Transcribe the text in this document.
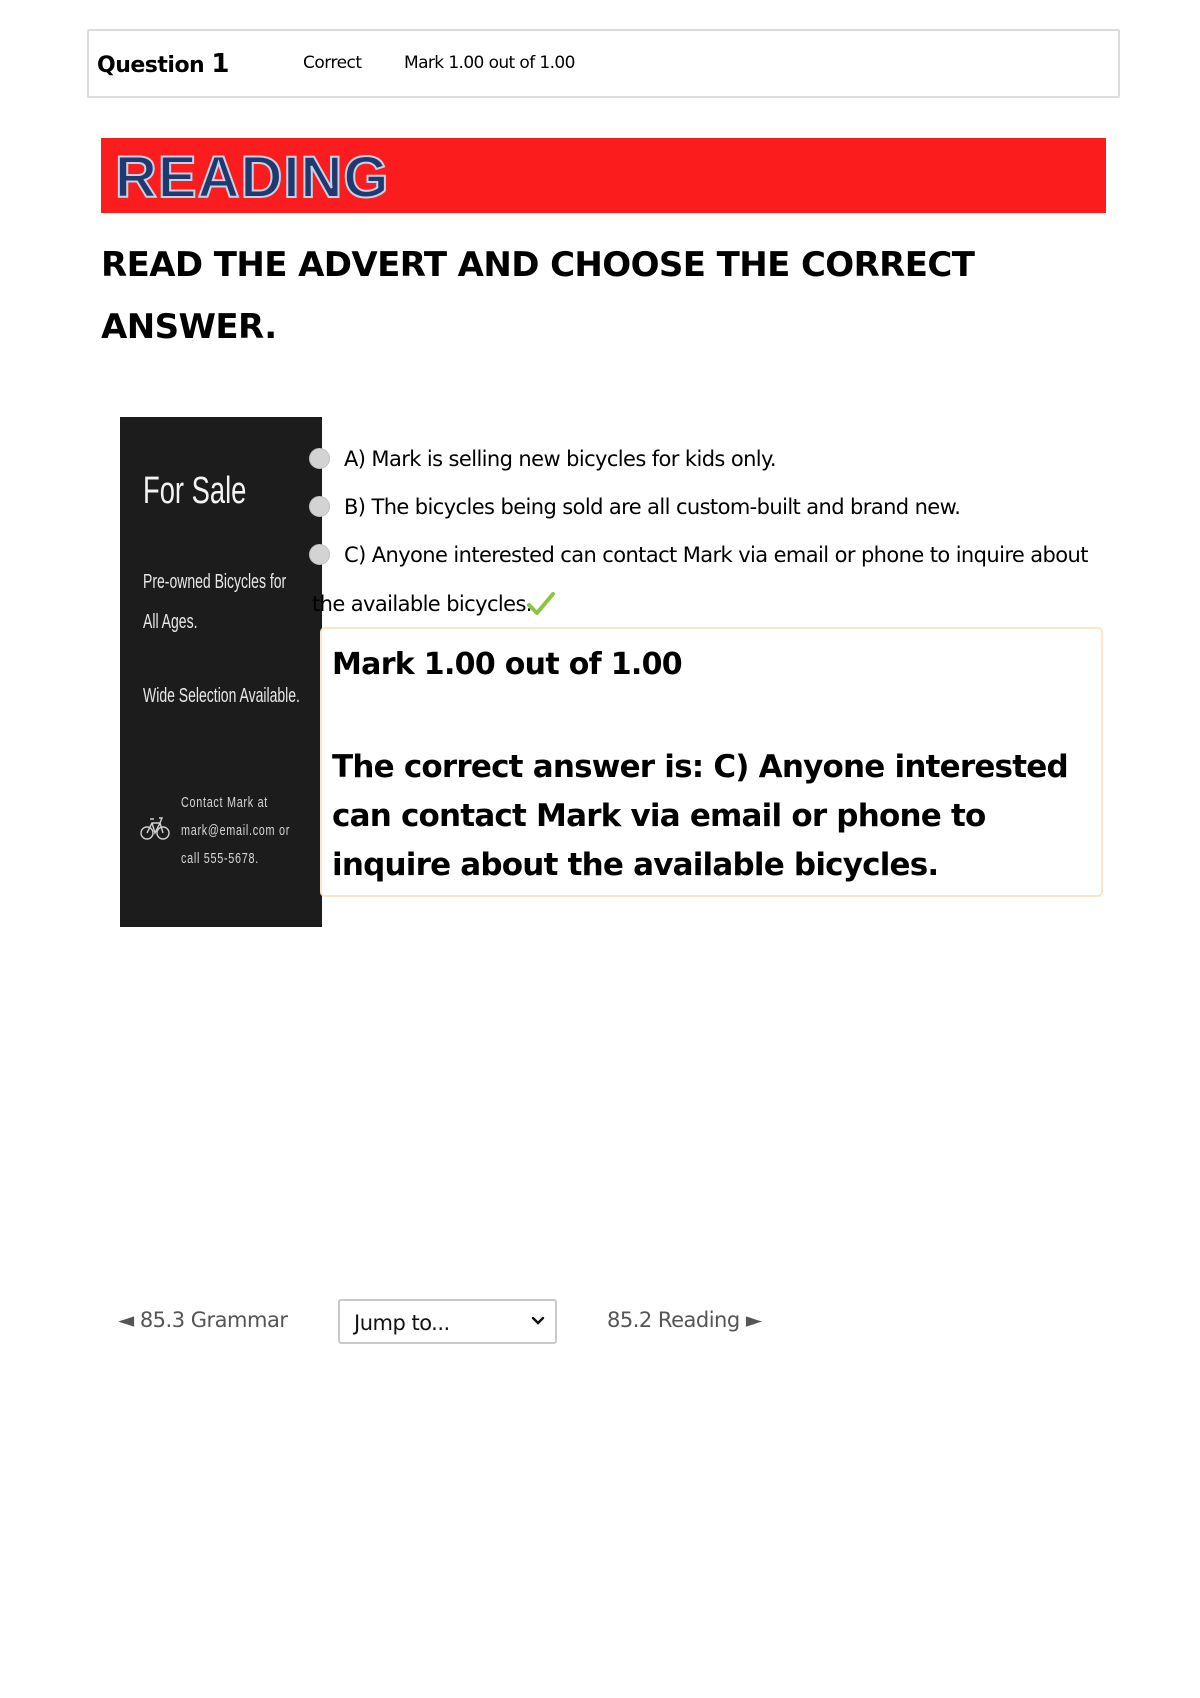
Question 1	Correct Mark 1.00 out of 1.00
READING
READ THE ADVERT AND CHOOSE THE CORRECT ANSWER.
For Sale
Pre-owned Bicycles for All Ages.
Wide Selection Available.
Contact Mark at
mark@email.com or
call 555-5678.
A) Mark is selling new bicycles for kids only.
B) The bicycles being sold are all custom-built and brand new.
C) Anyone interested can contact Mark via email or phone to inquire about
the available bicycles.
Mark 1.00 out of 1.00
The correct answer is: C) Anyone interested can contact Mark via email or phone to inquire about the available bicycles.
◄ 85.3 Grammar	Jump to...	85.2 Reading ►
